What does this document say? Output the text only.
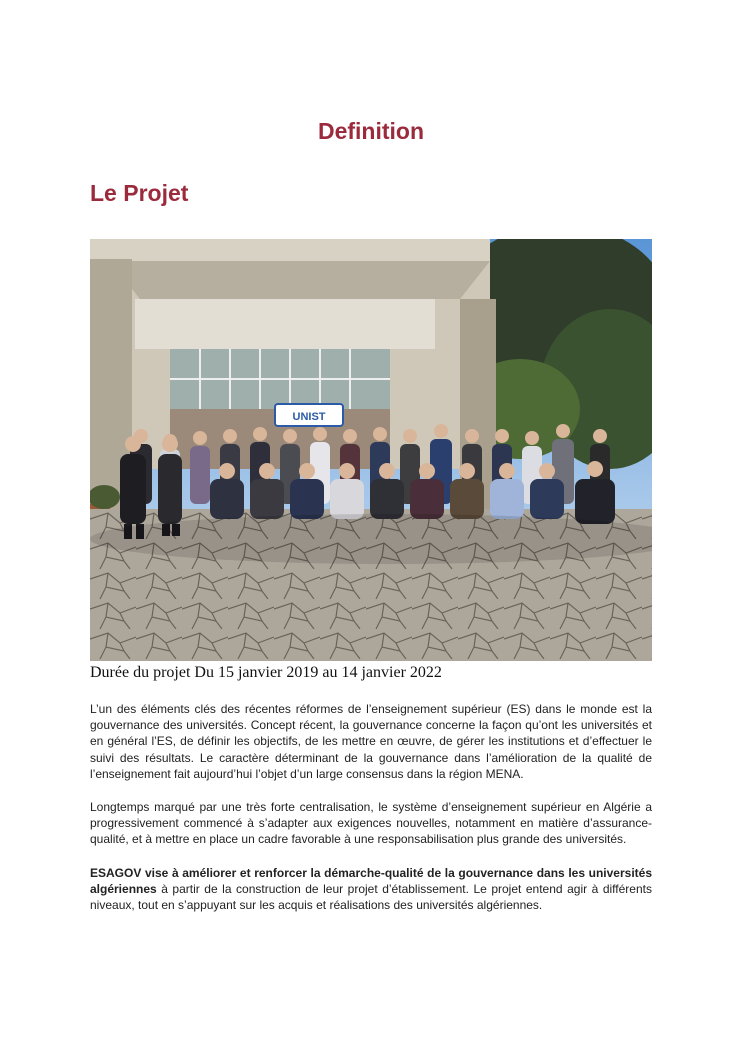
Definition
Le Projet
UNIST

Durée du projet Du 15 janvier 2019 au 14 janvier 2022

L’un des éléments clés des récentes réformes de l’enseignement supérieur (ES) dans le monde est la gouvernance des universités. Concept récent, la gouvernance concerne la façon qu’ont les universités et en général l’ES, de définir les objectifs, de les mettre en œuvre, de gérer les institutions et d’effectuer le suivi des résultats. Le caractère déterminant de la gouvernance dans l’amélioration de la qualité de l’enseignement fait aujourd’hui l’objet d’un large consensus dans la région MENA.

Longtemps marqué par une très forte centralisation, le système d’enseignement supérieur en Algérie a progressivement commencé à s’adapter aux exigences nouvelles, notamment en matière d’assurance-qualité, et à mettre en place un cadre favorable à une responsabilisation plus grande des universités.

ESAGOV vise à améliorer et renforcer la démarche-qualité de la gouvernance dans les universités algériennes à partir de la construction de leur projet d’établissement. Le projet entend agir à différents niveaux, tout en s’appuyant sur les acquis et réalisations des universités algériennes.
